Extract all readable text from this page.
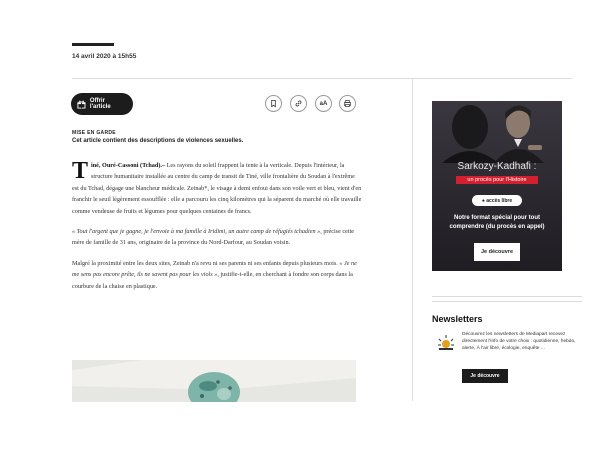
14 avril 2020 à 15h55
Offrir l'article
aA
MISE EN GARDE
Cet article contient des descriptions de violences sexuelles.

Tiné, Ouré-Cassoni (Tchad).– Les rayons du soleil frappent la tente à la verticale. Depuis l'intérieur, la structure humanitaire installée au centre du camp de transit de Tiné, ville frontalière du Soudan à l'extrême est du Tchad, dégage une blancheur médicale. Zeinab*, le visage à demi enfoui dans son voile vert et bleu, vient d'en franchir le seuil légèrement essoufflée : elle a parcouru les cinq kilomètres qui la séparent du marché où elle travaille comme vendeuse de fruits et légumes pour quelques centaines de francs.

« Tout l'argent que je gagne, je l'envoie à ma famille à Iridimi, un autre camp de réfugiés tchadien », précise cette mère de famille de 31 ans, originaire de la province du Nord-Darfour, au Soudan voisin.

Malgré la proximité entre les deux sites, Zeinab n'a revu ni ses parents ni ses enfants depuis plusieurs mois. « Je ne me sens pas encore prête, ils ne savent pas pour les viols », justifie-t-elle, en cherchant à fondre son corps dans la courbure de la chaise en plastique.

Sarkozy-Kadhafi :
un procès pour l'Histoire
● accès libre
Notre format spécial pour tout comprendre (du procès en appel)
Je découvre
Newsletters
Découvrez les newsletters de Mediapart recevez directement l'info de votre choix : quotidienne, hebdo, alerte, À l'air libre, écologie, enquête ...
Je découvre
